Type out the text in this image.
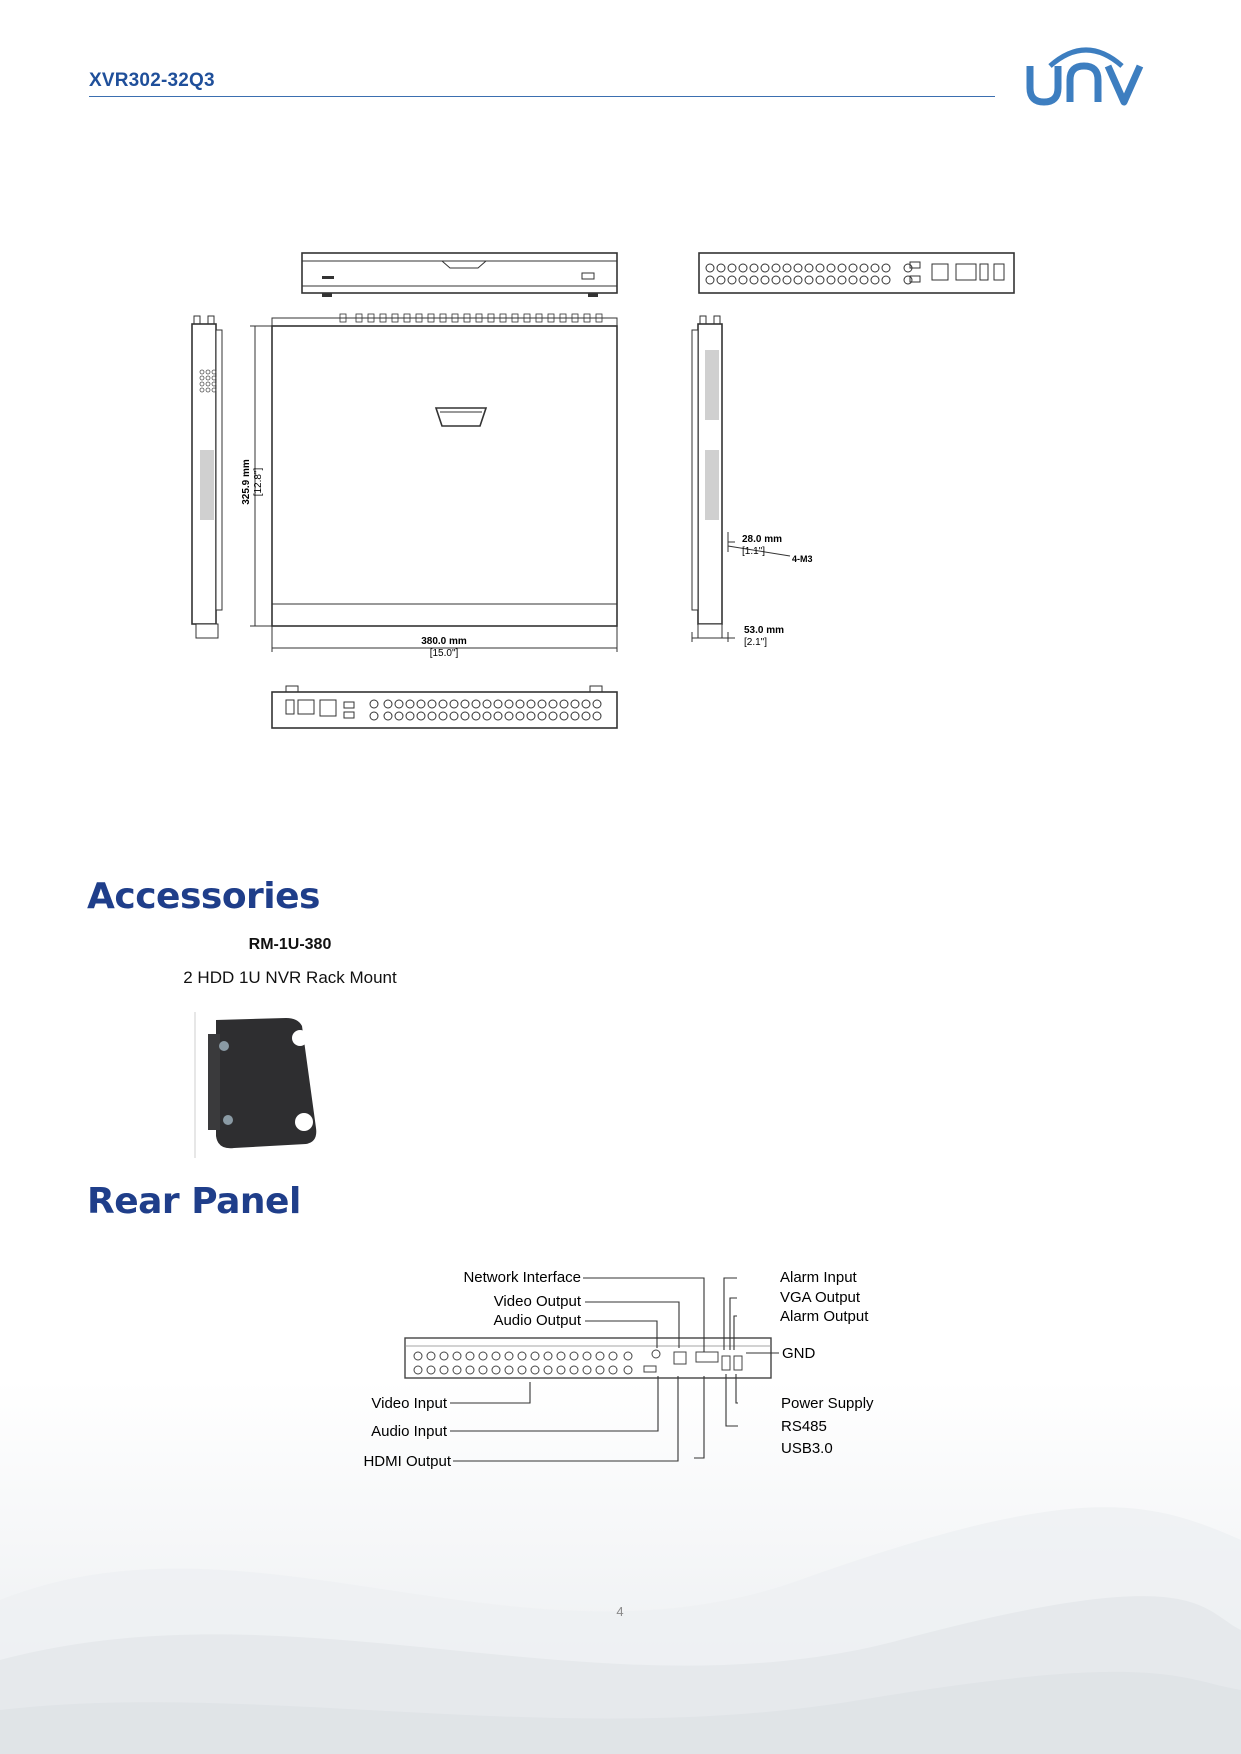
XVR302-32Q3
325.9 mm [12.8"]
380.0 mm
[15.0"]
28.0 mm
[1.1"]
4-M3
53.0 mm
[2.1"]
Accessories
RM-1U-380
2 HDD 1U NVR Rack Mount
Rear Panel
Network Interface
Video Output
Audio Output
Video Input
Audio Input
HDMI Output
Alarm Input
VGA Output
Alarm Output
GND
Power Supply
RS485
USB3.0
4
